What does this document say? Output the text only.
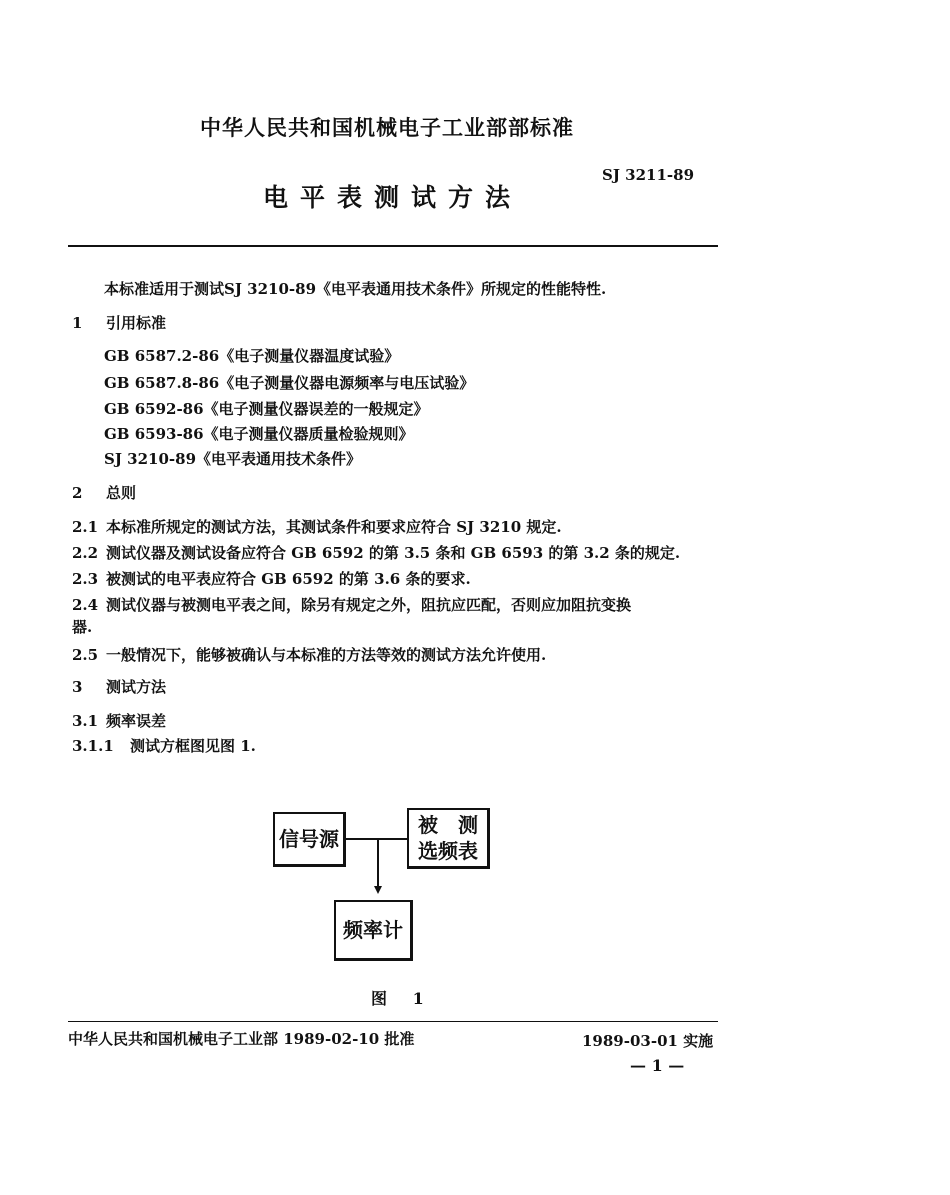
中华人民共和国机械电子工业部部标准
电平表测试方法
SJ 3211-89
本标准适用于测试SJ 3210-89《电平表通用技术条件》所规定的性能特性.
1 引用标准
GB 6587.2-86《电子测量仪器温度试验》
GB 6587.8-86《电子测量仪器电源频率与电压试验》
GB 6592-86《电子测量仪器误差的一般规定》
GB 6593-86《电子测量仪器质量检验规则》
SJ 3210-89《电平表通用技术条件》
2 总则
2.1 本标准所规定的测试方法，其测试条件和要求应符合 SJ 3210 规定.
2.2 测试仪器及测试设备应符合 GB 6592 的第 3.5 条和 GB 6593 的第 3.2 条的规定.
2.3 被测试的电平表应符合 GB 6592 的第 3.6 条的要求.
2.4 测试仪器与被测电平表之间，除另有规定之外，阻抗应匹配，否则应加阻抗变换
器.
2.5 一般情况下，能够被确认与本标准的方法等效的测试方法允许使用.
3 测试方法
3.1 频率误差
3.1.1 测试方框图见图 1.
信号源
被　测
选频表
频率计
图 1
中华人民共和国机械电子工业部 1989-02-10 批准	1989-03-01 实施
— 1 —
